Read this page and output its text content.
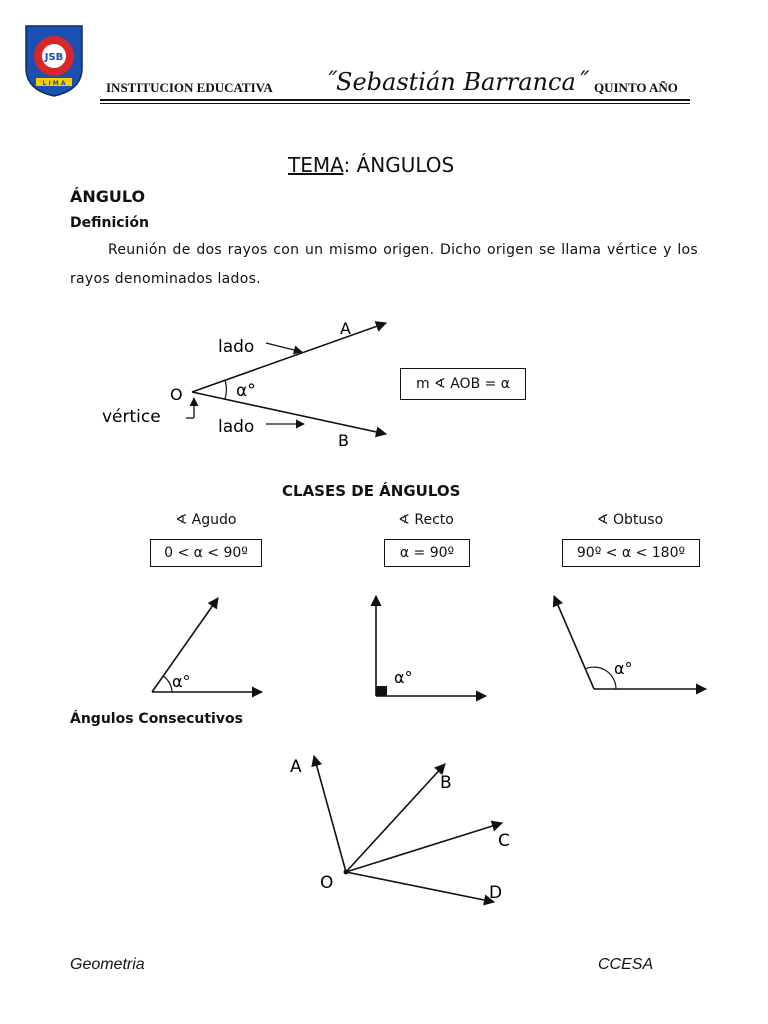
JSB
L I M A	INSTITUCION EDUCATIVA ˝Sebastián Barranca˝ QUINTO AÑO
TEMA: ÁNGULOS
ÁNGULO
Definición
Reunión de dos rayos con un mismo origen. Dicho origen se llama vértice y los rayos denominados lados.
A
B
O
lado
lado
vértice
α°	m ∢ AOB = α
CLASES DE ÁNGULOS
∢ Agudo	∢ Recto	∢ Obtuso
0 < α < 90º	α = 90º	90º < α < 180º
α°	α°	α°
Ángulos Consecutivos
A
B
C
D
O
Geometria	CCESA
